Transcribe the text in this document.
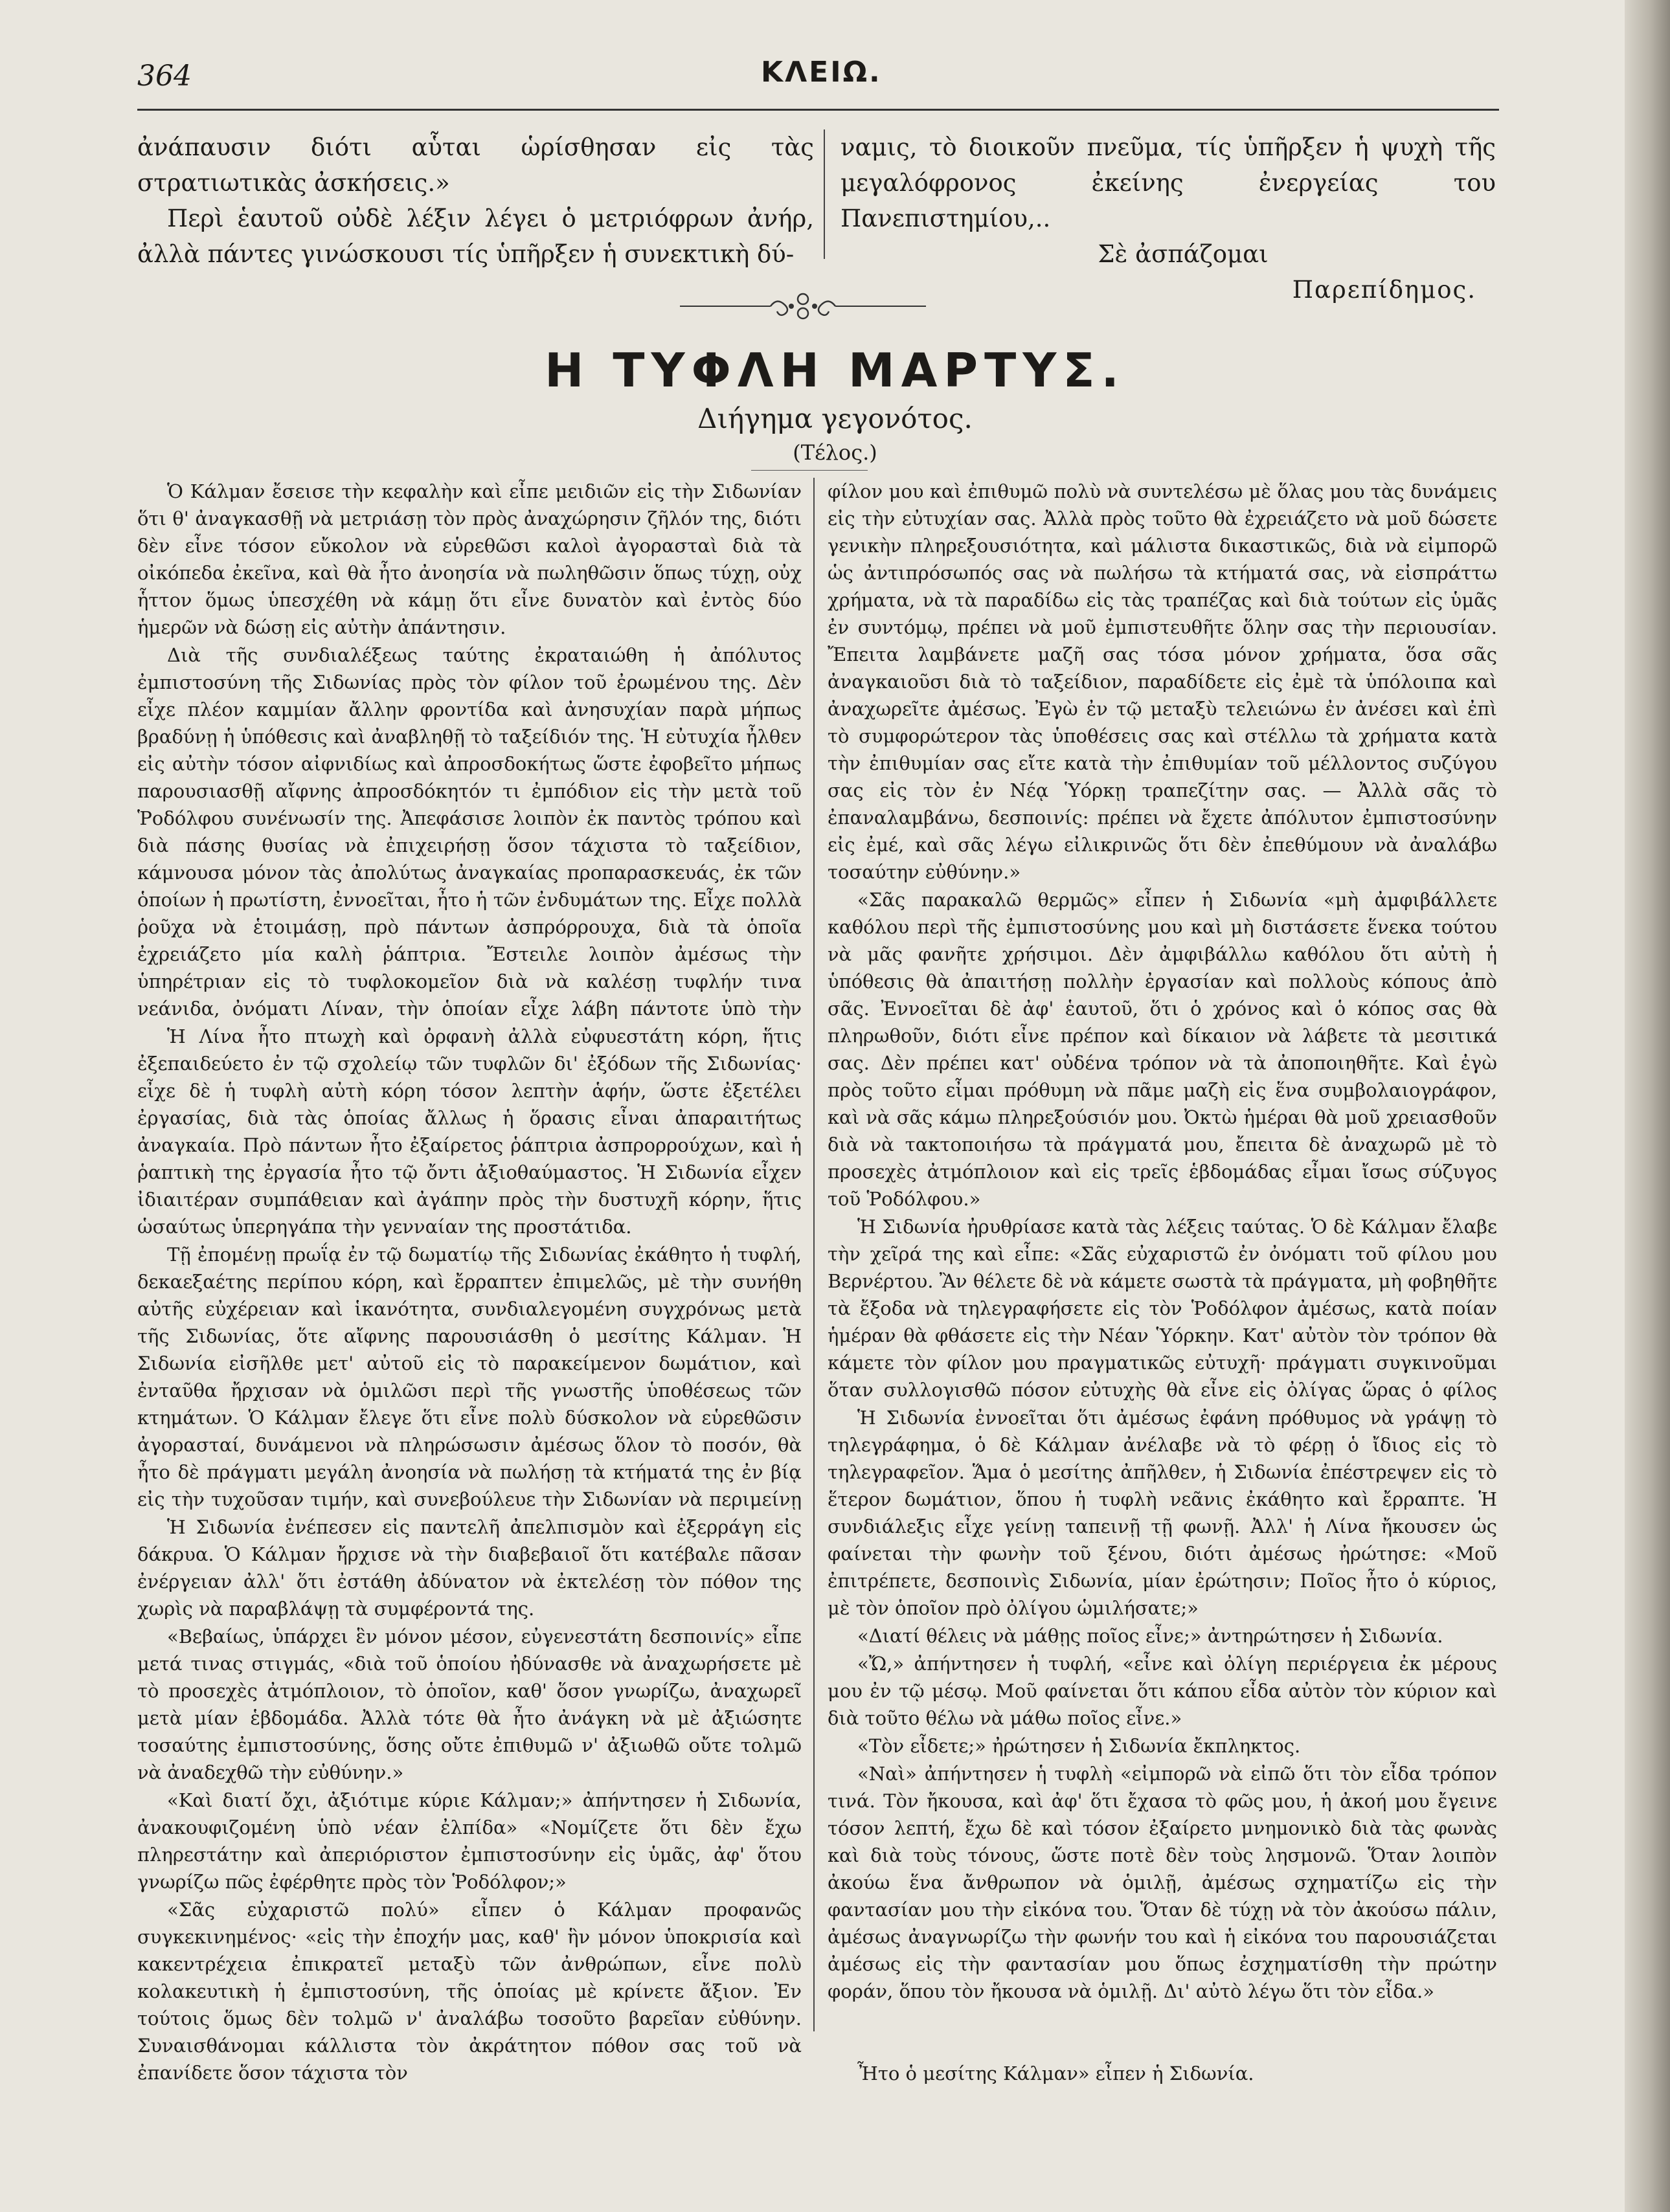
364	ΚΛΕΙΩ.

ἀνάπαυσιν διότι αὗται ὡρίσθησαν εἰς τὰς στρατιωτικὰς ἀσκήσεις.»

Περὶ ἑαυτοῦ οὐδὲ λέξιν λέγει ὁ μετριόφρων ἀνήρ, ἀλλὰ πάντες γινώσκουσι τίς ὑπῆρξεν ἡ συνεκτικὴ δύ-

ναμις, τὸ διοικοῦν πνεῦμα, τίς ὑπῆρξεν ἡ ψυχὴ τῆς μεγαλόφρονος ἐκείνης ἐνεργείας του Πανεπιστημίου,..

Σὲ ἀσπάζομαι

Παρεπίδημος.

Η ΤΥΦΛΗ ΜΑΡΤΥΣ.
Διήγημα γεγονότος.
(Τέλος.)

Ὁ Κάλμαν ἔσεισε τὴν κεφαλὴν καὶ εἶπε μειδιῶν εἰς τὴν Σιδωνίαν ὅτι θ' ἀναγκασθῇ νὰ μετριάσῃ τὸν πρὸς ἀναχώρησιν ζῆλόν της, διότι δὲν εἶνε τόσον εὔκολον νὰ εὑρεθῶσι καλοὶ ἀγορασταὶ διὰ τὰ οἰκόπεδα ἐκεῖνα, καὶ θὰ ἦτο ἀνοησία νὰ πωληθῶσιν ὅπως τύχῃ, οὐχ ἧττον ὅμως ὑπεσχέθη νὰ κάμῃ ὅτι εἶνε δυνατὸν καὶ ἐντὸς δύο ἡμερῶν νὰ δώσῃ εἰς αὐτὴν ἀπάντησιν.

Διὰ τῆς συνδιαλέξεως ταύτης ἐκραταιώθη ἡ ἀπόλυτος ἐμπιστοσύνη τῆς Σιδωνίας πρὸς τὸν φίλον τοῦ ἐρωμένου της. Δὲν εἶχε πλέον καμμίαν ἄλλην φροντίδα καὶ ἀνησυχίαν παρὰ μήπως βραδύνῃ ἡ ὑπόθεσις καὶ ἀναβληθῇ τὸ ταξείδιόν της. Ἡ εὐτυχία ἦλθεν εἰς αὐτὴν τόσον αἰφνιδίως καὶ ἀπροσδοκήτως ὥστε ἐφοβεῖτο μήπως παρουσιασθῇ αἴφνης ἀπροσδόκητόν τι ἐμπόδιον εἰς τὴν μετὰ τοῦ Ῥοδόλφου συνένωσίν της. Ἀπεφάσισε λοιπὸν ἐκ παντὸς τρόπου καὶ διὰ πάσης θυσίας νὰ ἐπιχειρήσῃ ὅσον τάχιστα τὸ ταξείδιον, κάμνουσα μόνον τὰς ἀπολύτως ἀναγκαίας προπαρασκευάς, ἐκ τῶν ὁποίων ἡ πρωτίστη, ἐννοεῖται, ἦτο ἡ τῶν ἐνδυμάτων της. Εἶχε πολλὰ ῥοῦχα νὰ ἑτοιμάσῃ, πρὸ πάντων ἀσπρόρρουχα, διὰ τὰ ὁποῖα ἐχρειάζετο μία καλὴ ῥάπτρια. Ἔστειλε λοιπὸν ἀμέσως τὴν ὑπηρέτριαν εἰς τὸ τυφλοκομεῖον διὰ νὰ καλέσῃ τυφλήν τινα νεάνιδα, ὀνόματι Λίναν, τὴν ὁποίαν εἶχε λάβη πάντοτε ὑπὸ τὴν

Ἡ Λίνα ἦτο πτωχὴ καὶ ὀρφανὴ ἀλλὰ εὐφυεστάτη κόρη, ἥτις ἐξεπαιδεύετο ἐν τῷ σχολείῳ τῶν τυφλῶν δι' ἐξόδων τῆς Σιδωνίας· εἶχε δὲ ἡ τυφλὴ αὐτὴ κόρη τόσον λεπτὴν ἁφήν, ὥστε ἐξετέλει ἐργασίας, διὰ τὰς ὁποίας ἄλλως ἡ ὅρασις εἶναι ἀπαραιτήτως ἀναγκαία. Πρὸ πάντων ἦτο ἐξαίρετος ῥάπτρια ἀσπρορρούχων, καὶ ἡ ῥαπτικὴ της ἐργασία ἦτο τῷ ὄντι ἀξιοθαύμαστος. Ἡ Σιδωνία εἶχεν ἰδιαιτέραν συμπάθειαν καὶ ἀγάπην πρὸς τὴν δυστυχῆ κόρην, ἥτις ὡσαύτως ὑπερηγάπα τὴν γενναίαν της προστάτιδα.

Τῇ ἐπομένῃ πρωΐᾳ ἐν τῷ δωματίῳ τῆς Σιδωνίας ἐκάθητο ἡ τυφλή, δεκαεξαέτης περίπου κόρη, καὶ ἔρραπτεν ἐπιμελῶς, μὲ τὴν συνήθη αὐτῆς εὐχέρειαν καὶ ἱκανότητα, συνδιαλεγομένη συγχρόνως μετὰ τῆς Σιδωνίας, ὅτε αἴφνης παρουσιάσθη ὁ μεσίτης Κάλμαν. Ἡ Σιδωνία εἰσῆλθε μετ' αὐτοῦ εἰς τὸ παρακείμενον δωμάτιον, καὶ ἐνταῦθα ἤρχισαν νὰ ὁμιλῶσι περὶ τῆς γνωστῆς ὑποθέσεως τῶν κτημάτων. Ὁ Κάλμαν ἔλεγε ὅτι εἶνε πολὺ δύσκολον νὰ εὑρεθῶσιν ἀγορασταί, δυνάμενοι νὰ πληρώσωσιν ἀμέσως ὅλον τὸ ποσόν, θὰ ἦτο δὲ πράγματι μεγάλη ἀνοησία νὰ πωλήσῃ τὰ κτήματά της ἐν βίᾳ εἰς τὴν τυχοῦσαν τιμήν, καὶ συνεβούλευε τὴν Σιδωνίαν νὰ περιμείνῃ

Ἡ Σιδωνία ἐνέπεσεν εἰς παντελῆ ἀπελπισμὸν καὶ ἐξερράγη εἰς δάκρυα. Ὁ Κάλμαν ἤρχισε νὰ τὴν διαβεβαιοῖ ὅτι κατέβαλε πᾶσαν ἐνέργειαν ἀλλ' ὅτι ἐστάθη ἀδύνατον νὰ ἐκτελέσῃ τὸν πόθον της χωρὶς νὰ παραβλάψῃ τὰ συμφέροντά της.

«Βεβαίως, ὑπάρχει ἓν μόνον μέσον, εὐγενεστάτη δεσποινίς» εἶπε μετά τινας στιγμάς, «διὰ τοῦ ὁποίου ἠδύνασθε νὰ ἀναχωρήσετε μὲ τὸ προσεχὲς ἀτμόπλοιον, τὸ ὁποῖον, καθ' ὅσον γνωρίζω, ἀναχωρεῖ μετὰ μίαν ἑβδομάδα. Ἀλλὰ τότε θὰ ἦτο ἀνάγκη νὰ μὲ ἀξιώσητε τοσαύτης ἐμπιστοσύνης, ὅσης οὔτε ἐπιθυμῶ ν' ἀξιωθῶ οὔτε τολμῶ νὰ ἀναδεχθῶ τὴν εὐθύνην.»

«Καὶ διατί ὄχι, ἀξιότιμε κύριε Κάλμαν;» ἀπήντησεν ἡ Σιδωνία, ἀνακουφιζομένη ὑπὸ νέαν ἐλπίδα» «Νομίζετε ὅτι δὲν ἔχω πληρεστάτην καὶ ἀπεριόριστον ἐμπιστοσύνην εἰς ὑμᾶς, ἀφ' ὅτου γνωρίζω πῶς ἐφέρθητε πρὸς τὸν Ῥοδόλφον;»

«Σᾶς εὐχαριστῶ πολύ» εἶπεν ὁ Κάλμαν προφανῶς συγκεκινημένος· «εἰς τὴν ἐποχήν μας, καθ' ἣν μόνον ὑποκρισία καὶ κακεντρέχεια ἐπικρατεῖ μεταξὺ τῶν ἀνθρώπων, εἶνε πολὺ κολακευτικὴ ἡ ἐμπιστοσύνη, τῆς ὁποίας μὲ κρίνετε ἄξιον. Ἐν τούτοις ὅμως δὲν τολμῶ ν' ἀναλάβω τοσοῦτο βαρεῖαν εὐθύνην. Συναισθάνομαι κάλλιστα τὸν ἀκράτητον πόθον σας τοῦ νὰ ἐπανίδετε ὅσον τάχιστα τὸν

φίλον μου καὶ ἐπιθυμῶ πολὺ νὰ συντελέσω μὲ ὅλας μου τὰς δυνάμεις εἰς τὴν εὐτυχίαν σας. Ἀλλὰ πρὸς τοῦτο θὰ ἐχρειάζετο νὰ μοῦ δώσετε γενικὴν πληρεξουσιότητα, καὶ μάλιστα δικαστικῶς, διὰ νὰ εἰμπορῶ ὡς ἀντιπρόσωπός σας νὰ πωλήσω τὰ κτήματά σας, νὰ εἰσπράττω χρήματα, νὰ τὰ παραδίδω εἰς τὰς τραπέζας καὶ διὰ τούτων εἰς ὑμᾶς ἐν συντόμῳ, πρέπει νὰ μοῦ ἐμπιστευθῆτε ὅλην σας τὴν περιουσίαν. Ἔπειτα λαμβάνετε μαζῆ σας τόσα μόνον χρήματα, ὅσα σᾶς ἀναγκαιοῦσι διὰ τὸ ταξείδιον, παραδίδετε εἰς ἐμὲ τὰ ὑπόλοιπα καὶ ἀναχωρεῖτε ἀμέσως. Ἐγὼ ἐν τῷ μεταξὺ τελειώνω ἐν ἀνέσει καὶ ἐπὶ τὸ συμφορώτερον τὰς ὑποθέσεις σας καὶ στέλλω τὰ χρήματα κατὰ τὴν ἐπιθυμίαν σας εἴτε κατὰ τὴν ἐπιθυμίαν τοῦ μέλλοντος συζύγου σας εἰς τὸν ἐν Νέᾳ Ὑόρκῃ τραπεζίτην σας. — Ἀλλὰ σᾶς τὸ ἐπαναλαμβάνω, δεσποινίς: πρέπει νὰ ἔχετε ἀπόλυτον ἐμπιστοσύνην εἰς ἐμέ, καὶ σᾶς λέγω εἰλικρινῶς ὅτι δὲν ἐπεθύμουν νὰ ἀναλάβω τοσαύτην εὐθύνην.»

«Σᾶς παρακαλῶ θερμῶς» εἶπεν ἡ Σιδωνία «μὴ ἀμφιβάλλετε καθόλου περὶ τῆς ἐμπιστοσύνης μου καὶ μὴ διστάσετε ἕνεκα τούτου νὰ μᾶς φανῆτε χρήσιμοι. Δὲν ἀμφιβάλλω καθόλου ὅτι αὐτὴ ἡ ὑπόθεσις θὰ ἀπαιτήσῃ πολλὴν ἐργασίαν καὶ πολλοὺς κόπους ἀπὸ σᾶς. Ἐννοεῖται δὲ ἀφ' ἑαυτοῦ, ὅτι ὁ χρόνος καὶ ὁ κόπος σας θὰ πληρωθοῦν, διότι εἶνε πρέπον καὶ δίκαιον νὰ λάβετε τὰ μεσιτικά σας. Δὲν πρέπει κατ' οὐδένα τρόπον νὰ τὰ ἀποποιηθῆτε. Καὶ ἐγὼ πρὸς τοῦτο εἶμαι πρόθυμη νὰ πᾶμε μαζὴ εἰς ἕνα συμβολαιογράφον, καὶ νὰ σᾶς κάμω πληρεξούσιόν μου. Ὀκτὼ ἡμέραι θὰ μοῦ χρειασθοῦν διὰ νὰ τακτοποιήσω τὰ πράγματά μου, ἔπειτα δὲ ἀναχωρῶ μὲ τὸ προσεχὲς ἀτμόπλοιον καὶ εἰς τρεῖς ἑβδομάδας εἶμαι ἴσως σύζυγος τοῦ Ῥοδόλφου.»

Ἡ Σιδωνία ἠρυθρίασε κατὰ τὰς λέξεις ταύτας. Ὁ δὲ Κάλμαν ἔλαβε τὴν χεῖρά της καὶ εἶπε: «Σᾶς εὐχαριστῶ ἐν ὀνόματι τοῦ φίλου μου Βερνέρτου. Ἂν θέλετε δὲ νὰ κάμετε σωστὰ τὰ πράγματα, μὴ φοβηθῆτε τὰ ἔξοδα νὰ τηλεγραφήσετε εἰς τὸν Ῥοδόλφον ἀμέσως, κατὰ ποίαν ἡμέραν θὰ φθάσετε εἰς τὴν Νέαν Ὑόρκην. Κατ' αὐτὸν τὸν τρόπον θὰ κάμετε τὸν φίλον μου πραγματικῶς εὐτυχῆ· πράγματι συγκινοῦμαι ὅταν συλλογισθῶ πόσον εὐτυχὴς θὰ εἶνε εἰς ὀλίγας ὥρας ὁ φίλος

Ἡ Σιδωνία ἐννοεῖται ὅτι ἀμέσως ἐφάνη πρόθυμος νὰ γράψῃ τὸ τηλεγράφημα, ὁ δὲ Κάλμαν ἀνέλαβε νὰ τὸ φέρῃ ὁ ἴδιος εἰς τὸ τηλεγραφεῖον. Ἅμα ὁ μεσίτης ἀπῆλθεν, ἡ Σιδωνία ἐπέστρεψεν εἰς τὸ ἕτερον δωμάτιον, ὅπου ἡ τυφλὴ νεᾶνις ἐκάθητο καὶ ἔρραπτε. Ἡ συνδιάλεξις εἶχε γείνῃ ταπεινῇ τῇ φωνῇ. Ἀλλ' ἡ Λίνα ἤκουσεν ὡς φαίνεται τὴν φωνὴν τοῦ ξένου, διότι ἀμέσως ἠρώτησε: «Μοῦ ἐπιτρέπετε, δεσποινὶς Σιδωνία, μίαν ἐρώτησιν; Ποῖος ἦτο ὁ κύριος, μὲ τὸν ὁποῖον πρὸ ὀλίγου ὡμιλήσατε;»

«Διατί θέλεις νὰ μάθῃς ποῖος εἶνε;» ἀντηρώτησεν ἡ Σιδωνία.

«Ὤ,» ἀπήντησεν ἡ τυφλή, «εἶνε καὶ ὀλίγη περιέργεια ἐκ μέρους μου ἐν τῷ μέσῳ. Μοῦ φαίνεται ὅτι κάπου εἶδα αὐτὸν τὸν κύριον καὶ διὰ τοῦτο θέλω νὰ μάθω ποῖος εἶνε.»

«Τὸν εἶδετε;» ἠρώτησεν ἡ Σιδωνία ἔκπληκτος.

«Ναὶ» ἀπήντησεν ἡ τυφλὴ «εἰμπορῶ νὰ εἰπῶ ὅτι τὸν εἶδα τρόπον τινά. Τὸν ἤκουσα, καὶ ἀφ' ὅτι ἔχασα τὸ φῶς μου, ἡ ἀκοή μου ἔγεινε τόσον λεπτή, ἔχω δὲ καὶ τόσον ἐξαίρετο μνημονικὸ διὰ τὰς φωνὰς καὶ διὰ τοὺς τόνους, ὥστε ποτὲ δὲν τοὺς λησμονῶ. Ὅταν λοιπὸν ἀκούω ἕνα ἄνθρωπον νὰ ὁμιλῇ, ἀμέσως σχηματίζω εἰς τὴν φαντασίαν μου τὴν εἰκόνα του. Ὅταν δὲ τύχῃ νὰ τὸν ἀκούσω πάλιν, ἀμέσως ἀναγνωρίζω τὴν φωνήν του καὶ ἡ εἰκόνα του παρουσιάζεται ἀμέσως εἰς τὴν φαντασίαν μου ὅπως ἐσχηματίσθη τὴν πρώτην φοράν, ὅπου τὸν ἤκουσα νὰ ὁμιλῇ. Δι' αὐτὸ λέγω ὅτι τὸν εἶδα.»

Ἦτο ὁ μεσίτης Κάλμαν» εἶπεν ἡ Σιδωνία.
